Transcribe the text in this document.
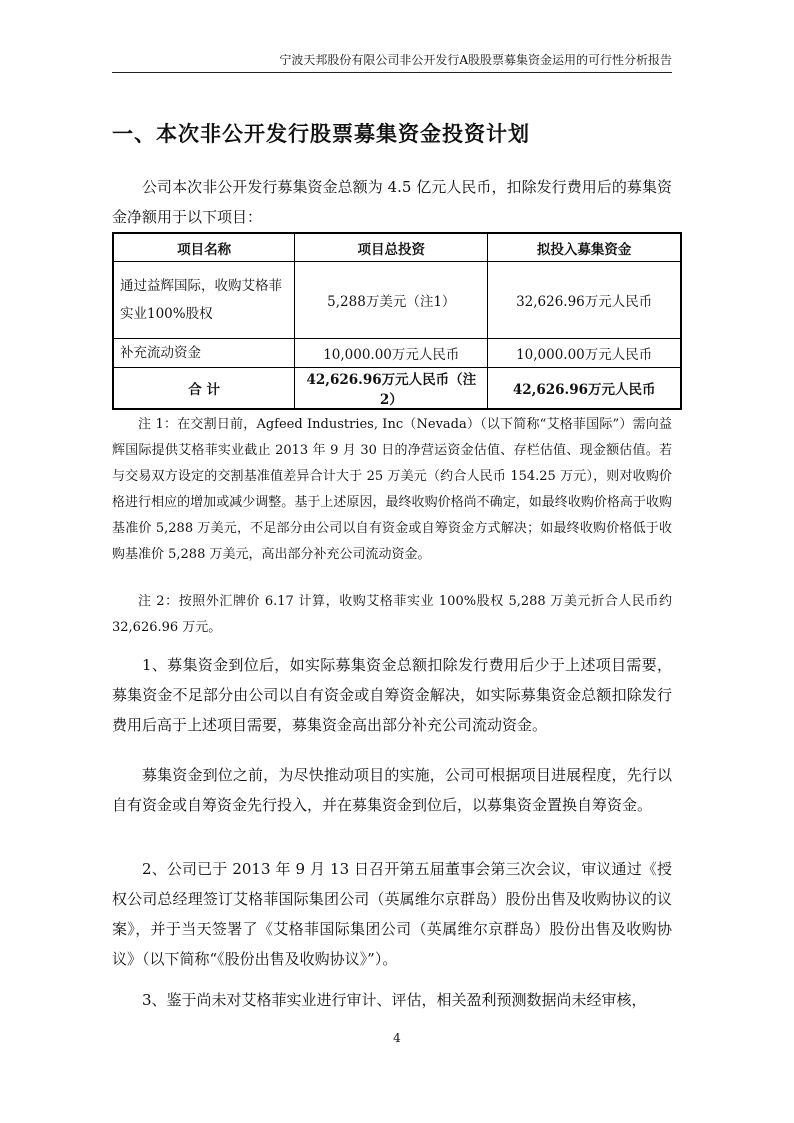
宁波天邦股份有限公司非公开发行A股股票募集资金运用的可行性分析报告
一、本次非公开发行股票募集资金投资计划

公司本次非公开发行募集资金总额为 4.5 亿元人民币，扣除发行费用后的募集资金净额用于以下项目：

项目名称	项目总投资	拟投入募集资金
通过益辉国际，收购艾格菲实业100%股权	5,288万美元（注1）	32,626.96万元人民币
补充流动资金	10,000.00万元人民币	10,000.00万元人民币
合 计	42,626.96万元人民币（注2）	42,626.96万元人民币

注 1：在交割日前，Agfeed Industries, Inc（Nevada）（以下简称“艾格菲国际”）需向益辉国际提供艾格菲实业截止 2013 年 9 月 30 日的净营运资金估值、存栏估值、现金额估值。若与交易双方设定的交割基准值差异合计大于 25 万美元（约合人民币 154.25 万元），则对收购价格进行相应的增加或减少调整。基于上述原因，最终收购价格尚不确定，如最终收购价格高于收购基准价 5,288 万美元，不足部分由公司以自有资金或自筹资金方式解决；如最终收购价格低于收购基准价 5,288 万美元，高出部分补充公司流动资金。

注 2：按照外汇牌价 6.17 计算，收购艾格菲实业 100%股权 5,288 万美元折合人民币约 32,626.96 万元。

1、募集资金到位后，如实际募集资金总额扣除发行费用后少于上述项目需要，募集资金不足部分由公司以自有资金或自筹资金解决，如实际募集资金总额扣除发行费用后高于上述项目需要，募集资金高出部分补充公司流动资金。

募集资金到位之前，为尽快推动项目的实施，公司可根据项目进展程度，先行以自有资金或自筹资金先行投入，并在募集资金到位后，以募集资金置换自筹资金。

2、公司已于 2013 年 9 月 13 日召开第五届董事会第三次会议，审议通过《授权公司总经理签订艾格菲国际集团公司（英属维尔京群岛）股份出售及收购协议的议案》，并于当天签署了《艾格菲国际集团公司（英属维尔京群岛）股份出售及收购协议》（以下简称“《股份出售及收购协议》”）。

3、鉴于尚未对艾格菲实业进行审计、评估，相关盈利预测数据尚未经审核，

4
